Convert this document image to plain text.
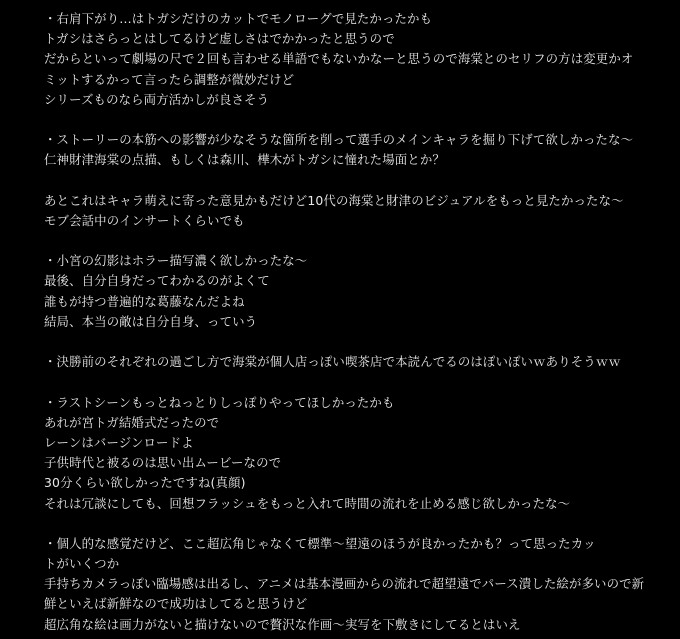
・右肩下がり…はトガシだけのカットでモノローグで見たかったかも
トガシはさらっとはしてるけど虚しさはでかかったと思うので
だからといって劇場の尺で２回も言わせる単語でもないかなーと思うので海棠とのセリフの方は変更かオ
ミットするかって言ったら調整が微妙だけど
シリーズものなら両方活かしが良さそう
・ストーリーの本筋への影響が少なそうな箇所を削って選手のメインキャラを掘り下げて欲しかったな〜
仁神財津海棠の点描、もしくは森川、樺木がトガシに憧れた場面とか？
あとこれはキャラ萌えに寄った意見かもだけど10代の海棠と財津のビジュアルをもっと見たかったな〜
モブ会話中のインサートくらいでも
・小宮の幻影はホラー描写濃く欲しかったな〜
最後、自分自身だってわかるのがよくて
誰もが持つ普遍的な葛藤なんだよね
結局、本当の敵は自分自身、っていう
・決勝前のそれぞれの過ごし方で海棠が個人店っぽい喫茶店で本読んでるのはぽいぽいｗありそうｗｗ
・ラストシーンもっとねっとりしっぽりやってほしかったかも
あれが宮トガ結婚式だったので
レーンはバージンロードよ
子供時代と被るのは思い出ムービーなので
30分くらい欲しかったですね(真顔)
それは冗談にしても、回想フラッシュをもっと入れて時間の流れを止める感じ欲しかったな〜
・個人的な感覚だけど、ここ超広角じゃなくて標準〜望遠のほうが良かったかも？って思ったカッ
トがいくつか
手持ちカメラっぽい臨場感は出るし、アニメは基本漫画からの流れで超望遠でパース潰した絵が多いので新
鮮といえば新鮮なので成功はしてると思うけど
超広角な絵は画力がないと描けないので贅沢な作画〜実写を下敷きにしてるとはいえ
